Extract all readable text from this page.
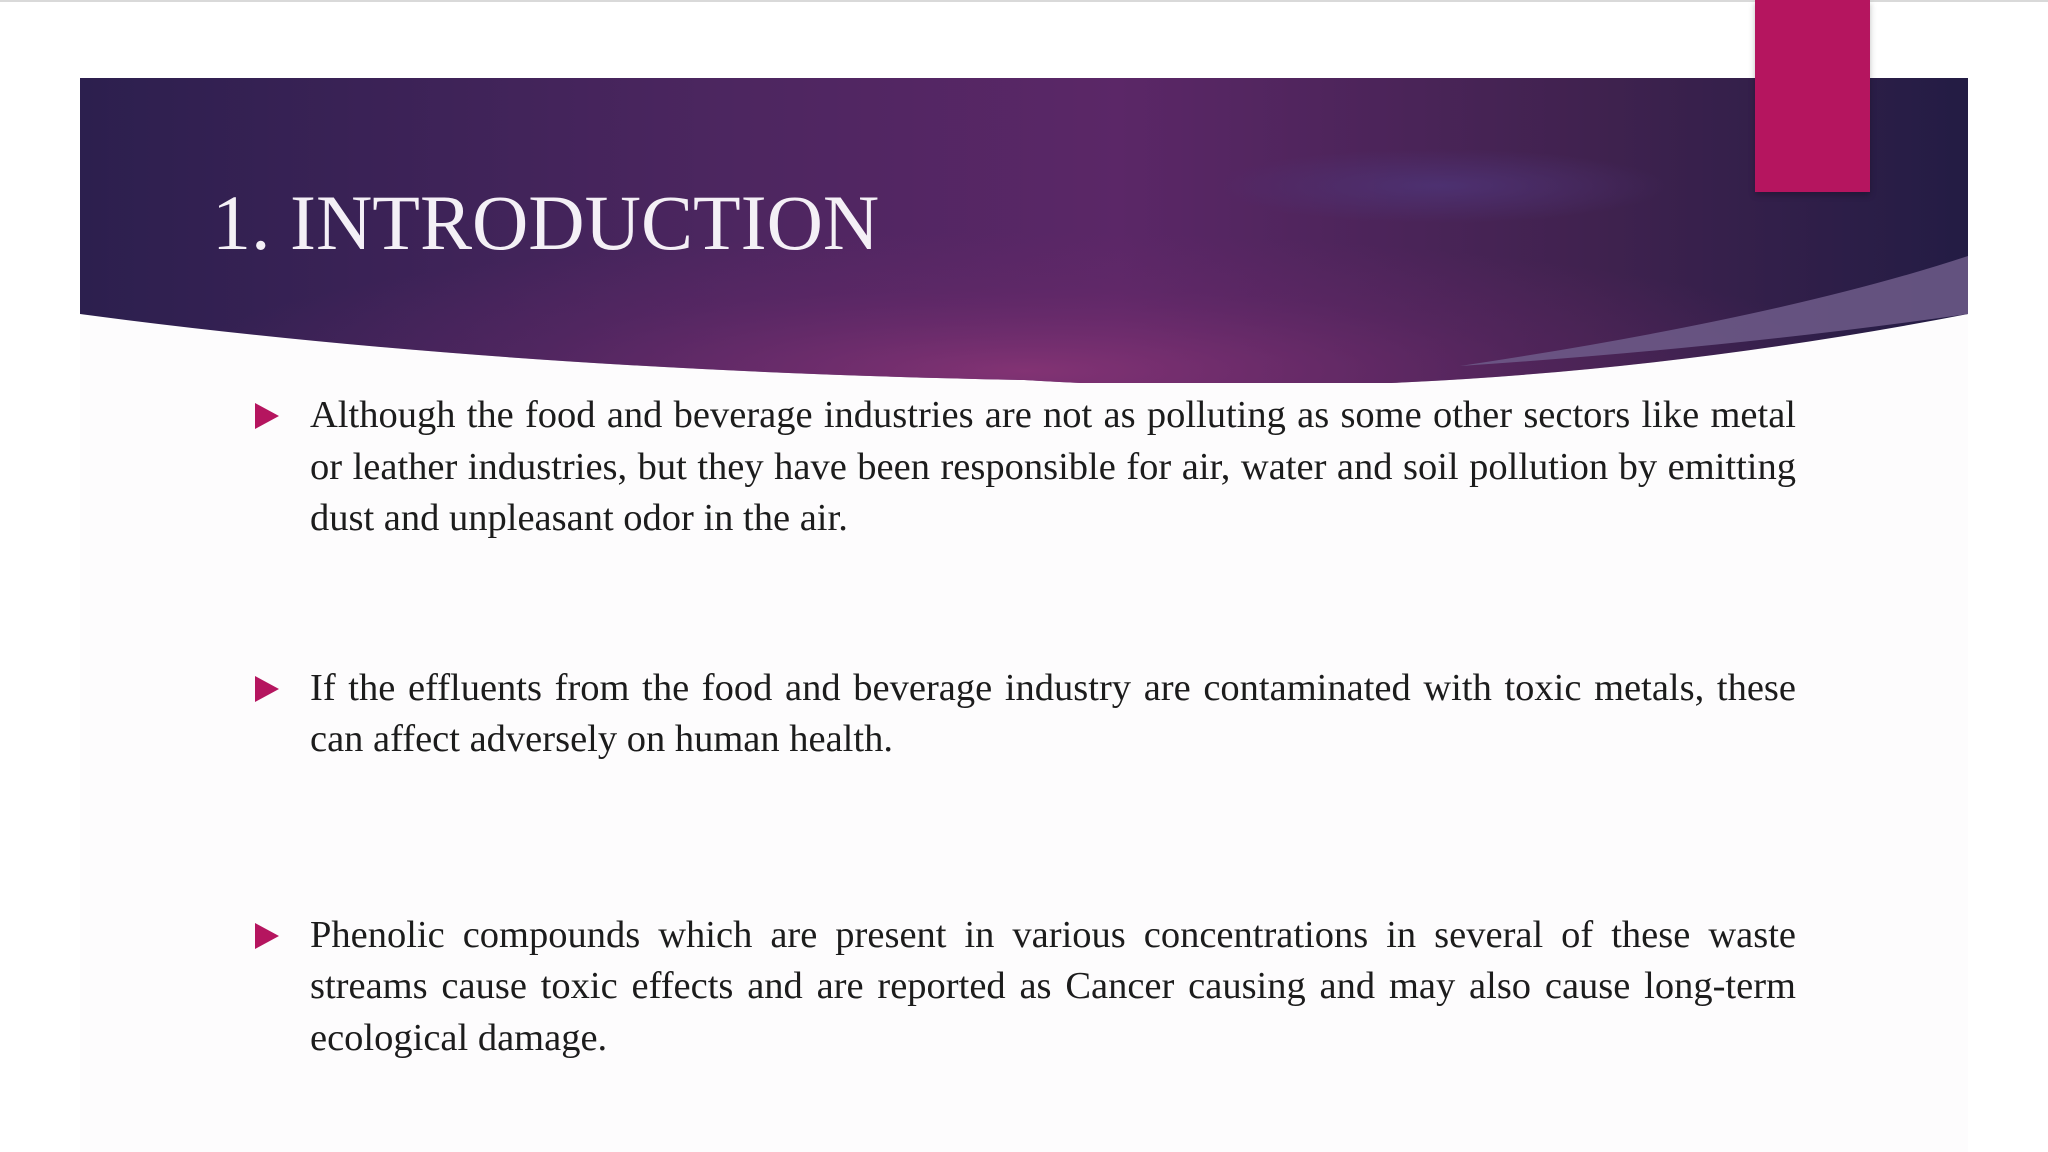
1. INTRODUCTION
Although the food and beverage industries are not as polluting as some other sectors like metal or leather industries, but they have been responsible for air, water and soil pollution by emitting dust and unpleasant odor in the air.
If the effluents from the food and beverage industry are contaminated with toxic metals, these can affect adversely on human health.
Phenolic compounds which are present in various concentrations in several of these waste streams cause toxic effects and are reported as Cancer causing and may also cause long-term ecological damage.
